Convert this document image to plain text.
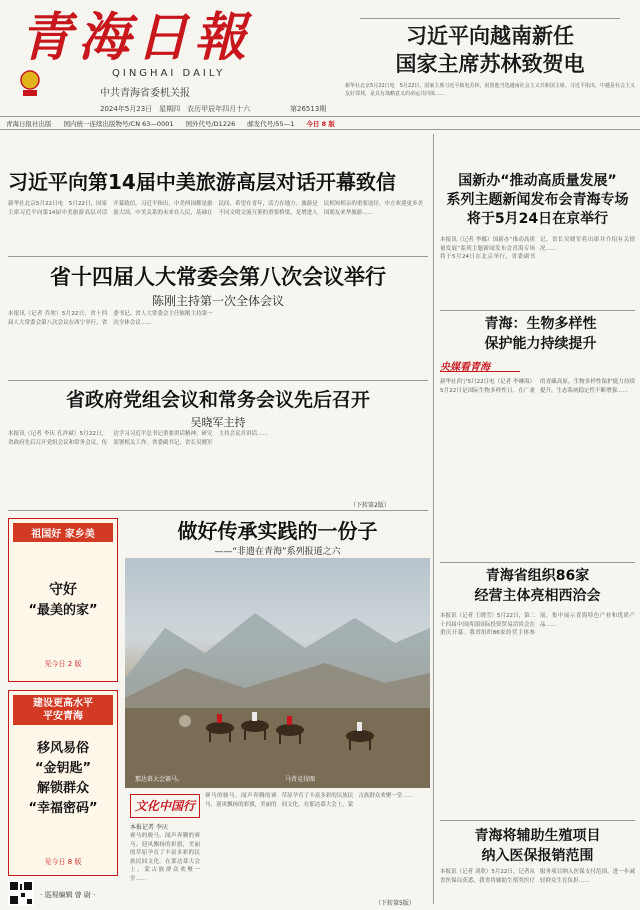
青海日報
QINGHAI DAILY
中共青海省委机关报
习近平向越南新任
国家主席苏林致贺电
新华社北京5月22日电　5月22日，国家主席习近平致电苏林，祝贺他当选越南社会主义共和国主席。习近平指出，中越是社会主义友好邻邦，是具有战略意义的命运共同体……
2024年5月23日　星期四　农历甲辰年四月十六	第26513期
青海日报社出版 国内统一连续出版物号/CN 63—0001 国外代号/D1226 邮发代号/55—1 今日 8 版
习近平向第14届中美旅游高层对话开幕致信
新华社北京5月22日电　5月22日，国家主席习近平向第14届中美旅游高层对话开幕致信。习近平指出，中美两国都是旅游大国，中美关系的未来在人民，基础在民间，希望在青年，活力在地方。旅游是不同文明交流互鉴的重要桥梁，是增进人民相知相亲的重要途径。中方欢迎更多美国朋友来华旅游……
省十四届人大常委会第八次会议举行
陈刚主持第一次全体会议
本报讯（记者 乔欣）5月22日，省十四届人大常委会第八次会议在西宁举行。省委书记、省人大常委会主任陈刚主持第一次全体会议……
省政府党组会议和常务会议先后召开
吴晓军主持
本报讯（记者 李庆 孔祥斌）5月22日，省政府先后召开党组会议和常务会议，传达学习习近平总书记重要讲话精神，研究部署相关工作。省委副书记、省长吴晓军主持会议并讲话……
（下转第2版）
国新办“推动高质量发展”
系列主题新闻发布会青海专场
将于5月24日在京举行
本报讯（记者 李娜）国新办“推动高质量发展”系列主题新闻发布会青海专场将于5月24日在北京举行，省委副书记、省长吴晓军将出席并介绍有关情况……
青海：生物多样性
保护能力持续提升
央媒看青海
新华社西宁5月22日电（记者 李琳海）5月22日是国际生物多样性日。在广袤的青藏高原，生物多样性保护能力持续提升，生态系统稳定性不断增强……
青海省组织86家
经营主体亮相西洽会
本报讯（记者 王晓雪）5月22日，第二十四届中国西部国际投资贸易洽谈会在重庆开幕。我省组织86家经营主体参展，集中展示青海特色产业和优质产品……
青海将辅助生殖项目
纳入医保报销范围
本报讯（记者 刘欣）5月22日，记者从省医保局获悉，我省将辅助生殖类医疗服务项目纳入医保支付范围，进一步减轻群众生育负担……
祖国好 家乡美
守好
“最美的家”
见今日 2 版
建设更高水平
平安青海
移风易俗
“金钥匙”
解锁群众
“幸福密码”
见今日 8 版
· 巡视编辑 曾 尉 ·
做好传承实践的一份子
——“非遗在青海”系列报道之六
马背竞技图
那达慕大会赛马。
文化中国行
本报记者 李庆
赛马的骏马、闻声奔腾的赛马、迎风飘扬的彩旗，美丽的草原孕育了丰富多彩的民族民间文化。在那达慕大会上，蒙古族群众欢聚一堂……
赛马的骏马、闻声奔腾的赛马、迎风飘扬的彩旗，美丽的草原孕育了丰富多彩的民族民间文化。在那达慕大会上，蒙古族群众欢聚一堂……
（下转第5版）
